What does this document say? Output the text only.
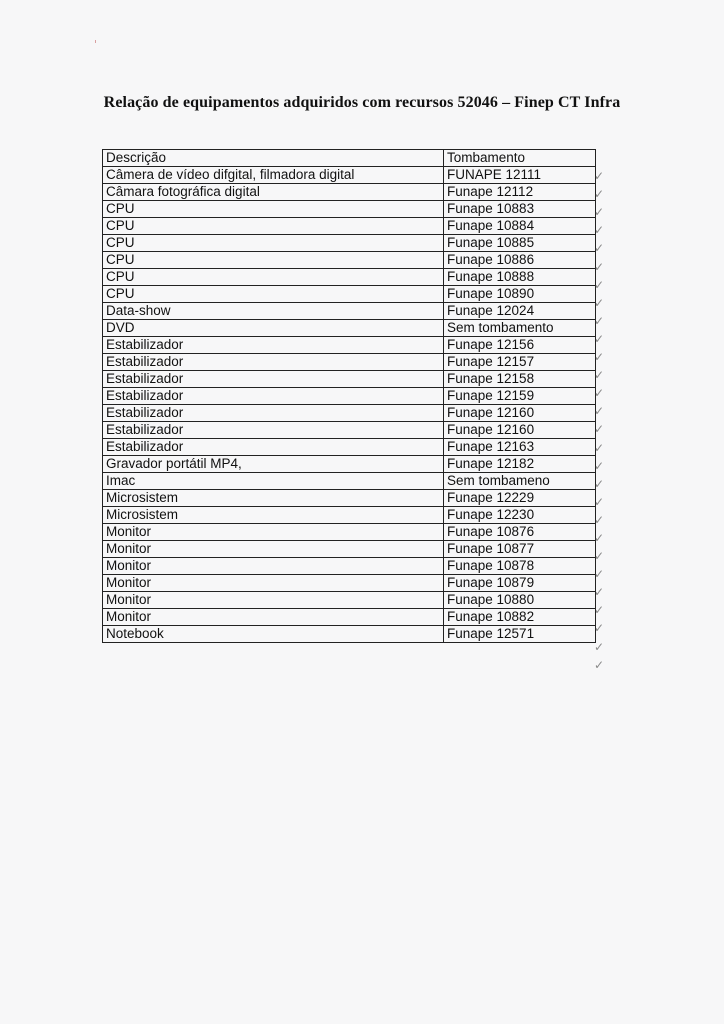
Relação de equipamentos adquiridos com recursos 52046 – Finep CT Infra
Descrição	Tombamento
Câmera de vídeo difgital, filmadora digital	FUNAPE 12111
Câmara fotográfica digital	Funape 12112
CPU	Funape 10883
CPU	Funape 10884
CPU	Funape 10885
CPU	Funape 10886
CPU	Funape 10888
CPU	Funape 10890
Data-show	Funape 12024
DVD	Sem tombamento
Estabilizador	Funape 12156
Estabilizador	Funape 12157
Estabilizador	Funape 12158
Estabilizador	Funape 12159
Estabilizador	Funape 12160
Estabilizador	Funape 12160
Estabilizador	Funape 12163
Gravador portátil MP4,	Funape 12182
Imac	Sem tombameno
Microsistem	Funape 12229
Microsistem	Funape 12230
Monitor	Funape 10876
Monitor	Funape 10877
Monitor	Funape 10878
Monitor	Funape 10879
Monitor	Funape 10880
Monitor	Funape 10882
Notebook	Funape 12571
✓
✓
✓
✓
✓
✓
✓
✓
✓
✓
✓
✓
✓
✓
✓
✓
✓
✓
✓
✓
✓
✓
✓
✓
✓
✓
✓
✓
